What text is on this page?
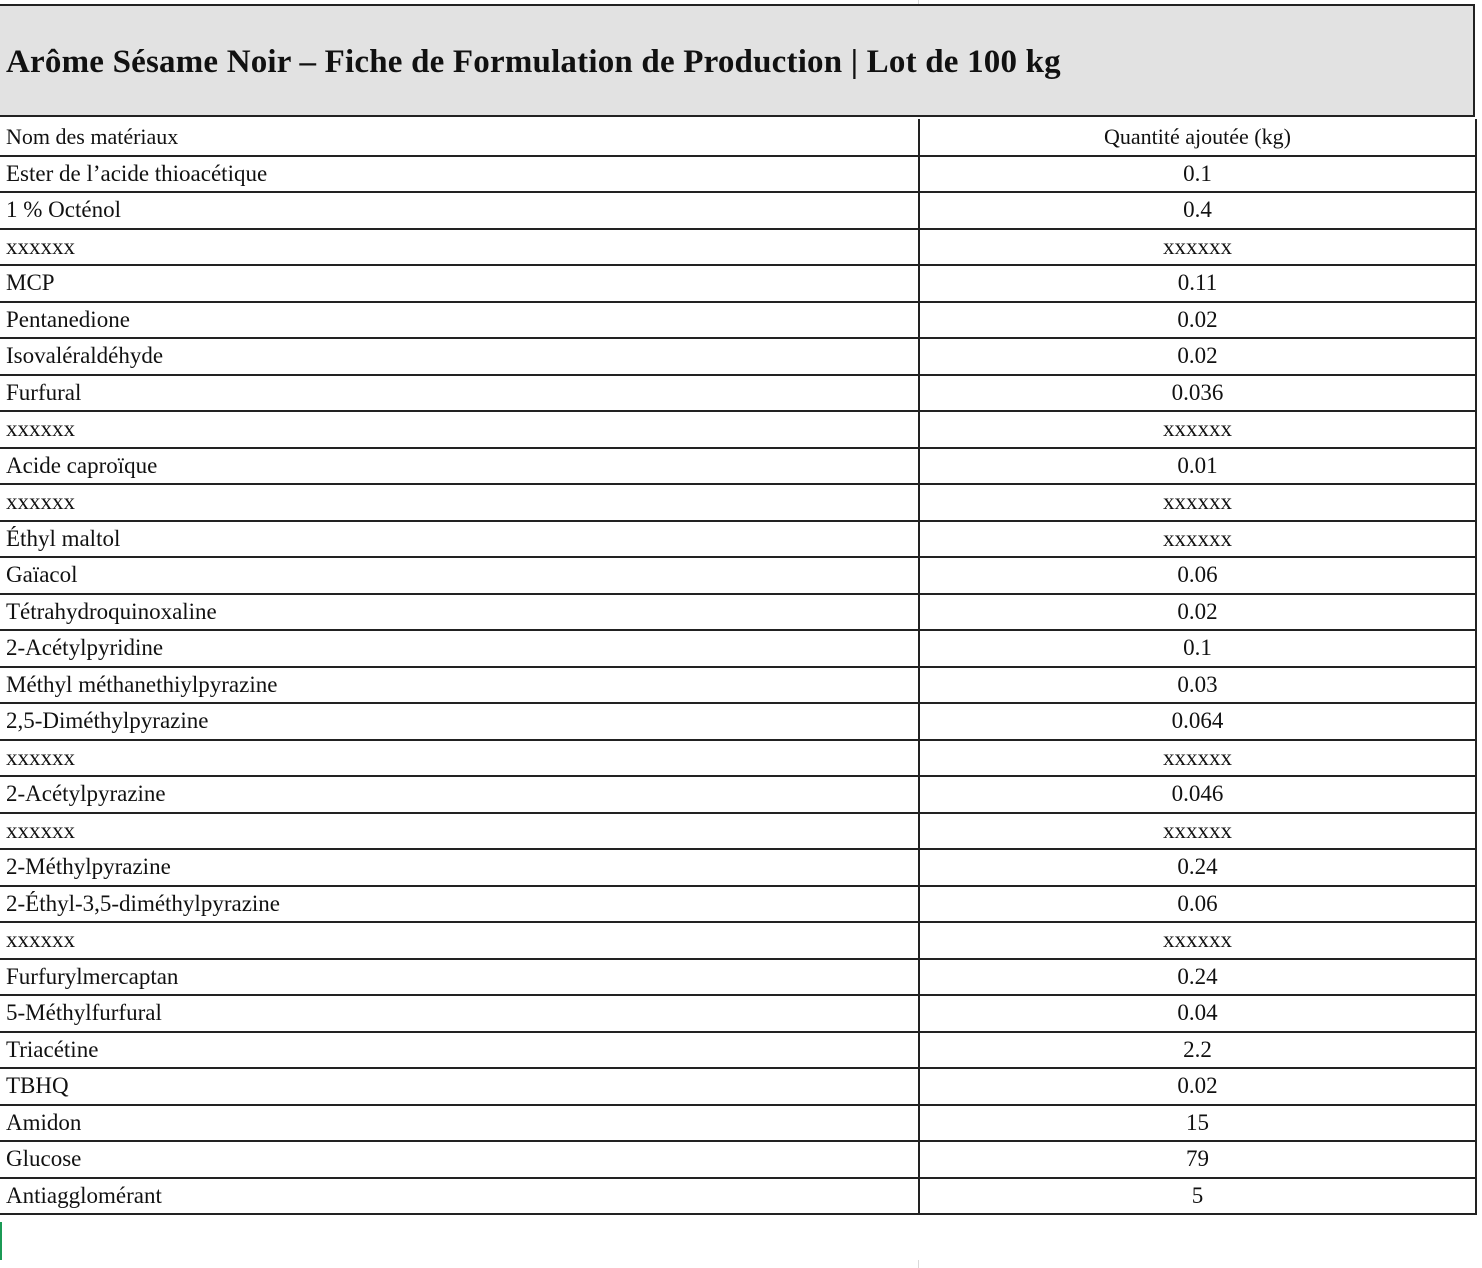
Arôme Sésame Noir – Fiche de Formulation de Production | Lot de 100 kg
Nom des matériaux	Quantité ajoutée (kg)
Ester de l’acide thioacétique	0.1
1 % Octénol	0.4
xxxxxx	xxxxxx
MCP	0.11
Pentanedione	0.02
Isovaléraldéhyde	0.02
Furfural	0.036
xxxxxx	xxxxxx
Acide caproïque	0.01
xxxxxx	xxxxxx
Éthyl maltol	xxxxxx
Gaïacol	0.06
Tétrahydroquinoxaline	0.02
2-Acétylpyridine	0.1
Méthyl méthanethiylpyrazine	0.03
2,5-Diméthylpyrazine	0.064
xxxxxx	xxxxxx
2-Acétylpyrazine	0.046
xxxxxx	xxxxxx
2-Méthylpyrazine	0.24
2-Éthyl-3,5-diméthylpyrazine	0.06
xxxxxx	xxxxxx
Furfurylmercaptan	0.24
5-Méthylfurfural	0.04
Triacétine	2.2
TBHQ	0.02
Amidon	15
Glucose	79
Antiagglomérant	5
